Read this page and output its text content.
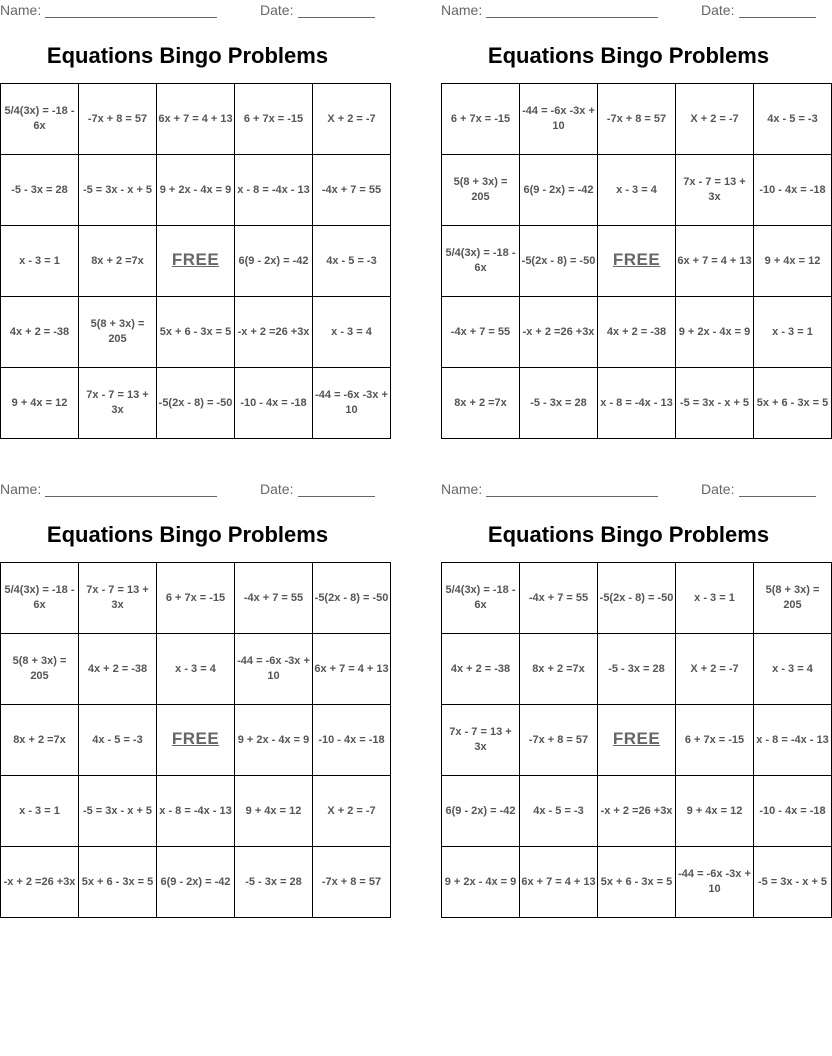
Name:	Date:
Equations Bingo Problems
5/4(3x) = -18 - 6x	-7x + 8 = 57	6x + 7 = 4 + 13	6 + 7x = -15	X + 2 = -7
-5 - 3x = 28	-5 = 3x - x + 5	9 + 2x - 4x = 9	x - 8 = -4x - 13	-4x + 7 = 55
x - 3 = 1	8x + 2 =7x	FREE	6(9 - 2x) = -42	4x - 5 = -3
4x + 2 = -38	5(8 + 3x) = 205	5x + 6 - 3x = 5	-x + 2 =26 +3x	x - 3 = 4
9 + 4x = 12	7x - 7 = 13 + 3x	-5(2x - 8) = -50	-10 - 4x = -18	-44 = -6x -3x + 10
Name:	Date:
Equations Bingo Problems
6 + 7x = -15	-44 = -6x -3x + 10	-7x + 8 = 57	X + 2 = -7	4x - 5 = -3
5(8 + 3x) = 205	6(9 - 2x) = -42	x - 3 = 4	7x - 7 = 13 + 3x	-10 - 4x = -18
5/4(3x) = -18 - 6x	-5(2x - 8) = -50	FREE	6x + 7 = 4 + 13	9 + 4x = 12
-4x + 7 = 55	-x + 2 =26 +3x	4x + 2 = -38	9 + 2x - 4x = 9	x - 3 = 1
8x + 2 =7x	-5 - 3x = 28	x - 8 = -4x - 13	-5 = 3x - x + 5	5x + 6 - 3x = 5
Name:	Date:
Equations Bingo Problems
5/4(3x) = -18 - 6x	7x - 7 = 13 + 3x	6 + 7x = -15	-4x + 7 = 55	-5(2x - 8) = -50
5(8 + 3x) = 205	4x + 2 = -38	x - 3 = 4	-44 = -6x -3x + 10	6x + 7 = 4 + 13
8x + 2 =7x	4x - 5 = -3	FREE	9 + 2x - 4x = 9	-10 - 4x = -18
x - 3 = 1	-5 = 3x - x + 5	x - 8 = -4x - 13	9 + 4x = 12	X + 2 = -7
-x + 2 =26 +3x	5x + 6 - 3x = 5	6(9 - 2x) = -42	-5 - 3x = 28	-7x + 8 = 57
Name:	Date:
Equations Bingo Problems
5/4(3x) = -18 - 6x	-4x + 7 = 55	-5(2x - 8) = -50	x - 3 = 1	5(8 + 3x) = 205
4x + 2 = -38	8x + 2 =7x	-5 - 3x = 28	X + 2 = -7	x - 3 = 4
7x - 7 = 13 + 3x	-7x + 8 = 57	FREE	6 + 7x = -15	x - 8 = -4x - 13
6(9 - 2x) = -42	4x - 5 = -3	-x + 2 =26 +3x	9 + 4x = 12	-10 - 4x = -18
9 + 2x - 4x = 9	6x + 7 = 4 + 13	5x + 6 - 3x = 5	-44 = -6x -3x + 10	-5 = 3x - x + 5
